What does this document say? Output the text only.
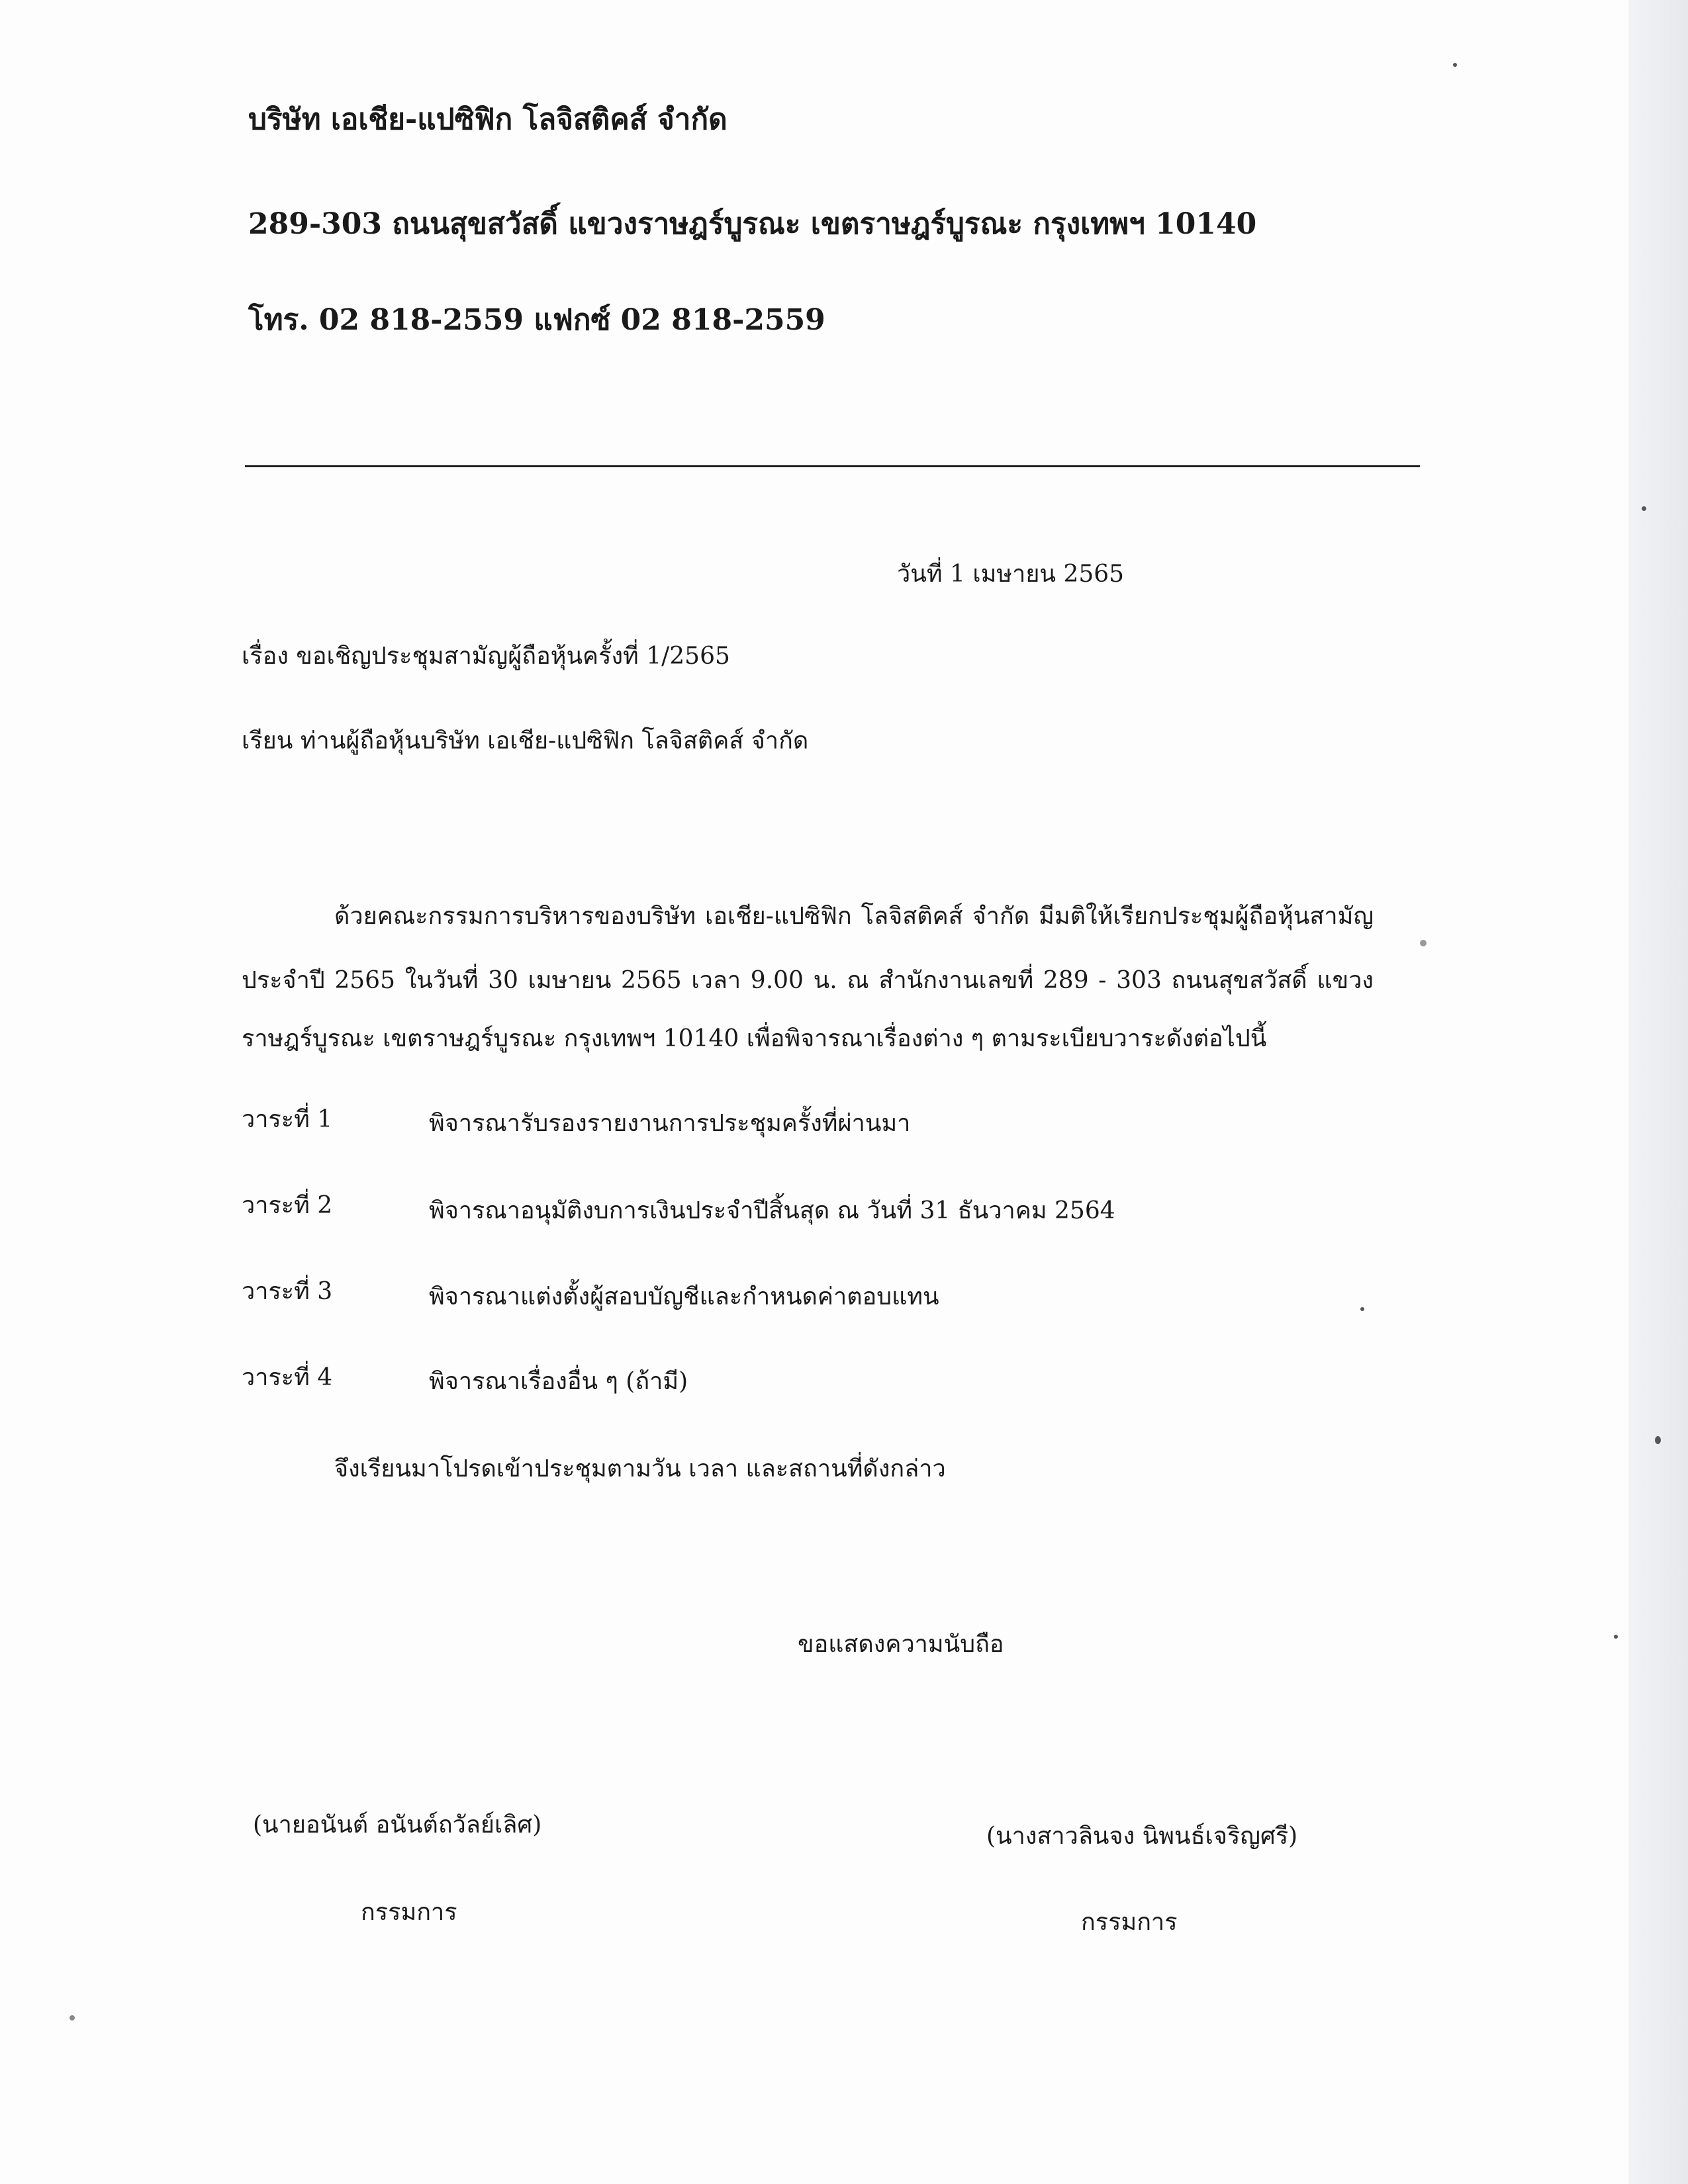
บริษัท เอเชีย-แปซิฟิก โลจิสติคส์ จำกัด
289-303 ถนนสุขสวัสดิ์ แขวงราษฎร์บูรณะ เขตราษฎร์บูรณะ กรุงเทพฯ 10140
โทร. 02 818-2559 แฟกซ์ 02 818-2559
วันที่ 1 เมษายน 2565
เรื่อง ขอเชิญประชุมสามัญผู้ถือหุ้นครั้งที่ 1/2565
เรียน ท่านผู้ถือหุ้นบริษัท เอเชีย-แปซิฟิก โลจิสติคส์ จำกัด
ด้วยคณะกรรมการบริหารของบริษัท เอเชีย-แปซิฟิก โลจิสติคส์ จำกัด มีมติให้เรียกประชุมผู้ถือหุ้นสามัญ
ประจำปี 2565 ในวันที่ 30 เมษายน 2565 เวลา 9.00 น. ณ สำนักงานเลขที่ 289 - 303 ถนนสุขสวัสดิ์ แขวง
ราษฎร์บูรณะ เขตราษฎร์บูรณะ กรุงเทพฯ 10140 เพื่อพิจารณาเรื่องต่าง ๆ ตามระเบียบวาระดังต่อไปนี้
วาระที่ 1	พิจารณารับรองรายงานการประชุมครั้งที่ผ่านมา
วาระที่ 2	พิจารณาอนุมัติงบการเงินประจำปีสิ้นสุด ณ วันที่ 31 ธันวาคม 2564
วาระที่ 3	พิจารณาแต่งตั้งผู้สอบบัญชีและกำหนดค่าตอบแทน
วาระที่ 4	พิจารณาเรื่องอื่น ๆ (ถ้ามี)
จึงเรียนมาโปรดเข้าประชุมตามวัน เวลา และสถานที่ดังกล่าว
ขอแสดงความนับถือ
(นายอนันต์ อนันต์ถวัลย์เลิศ)
กรรมการ
(นางสาวลินจง นิพนธ์เจริญศรี)
กรรมการ
